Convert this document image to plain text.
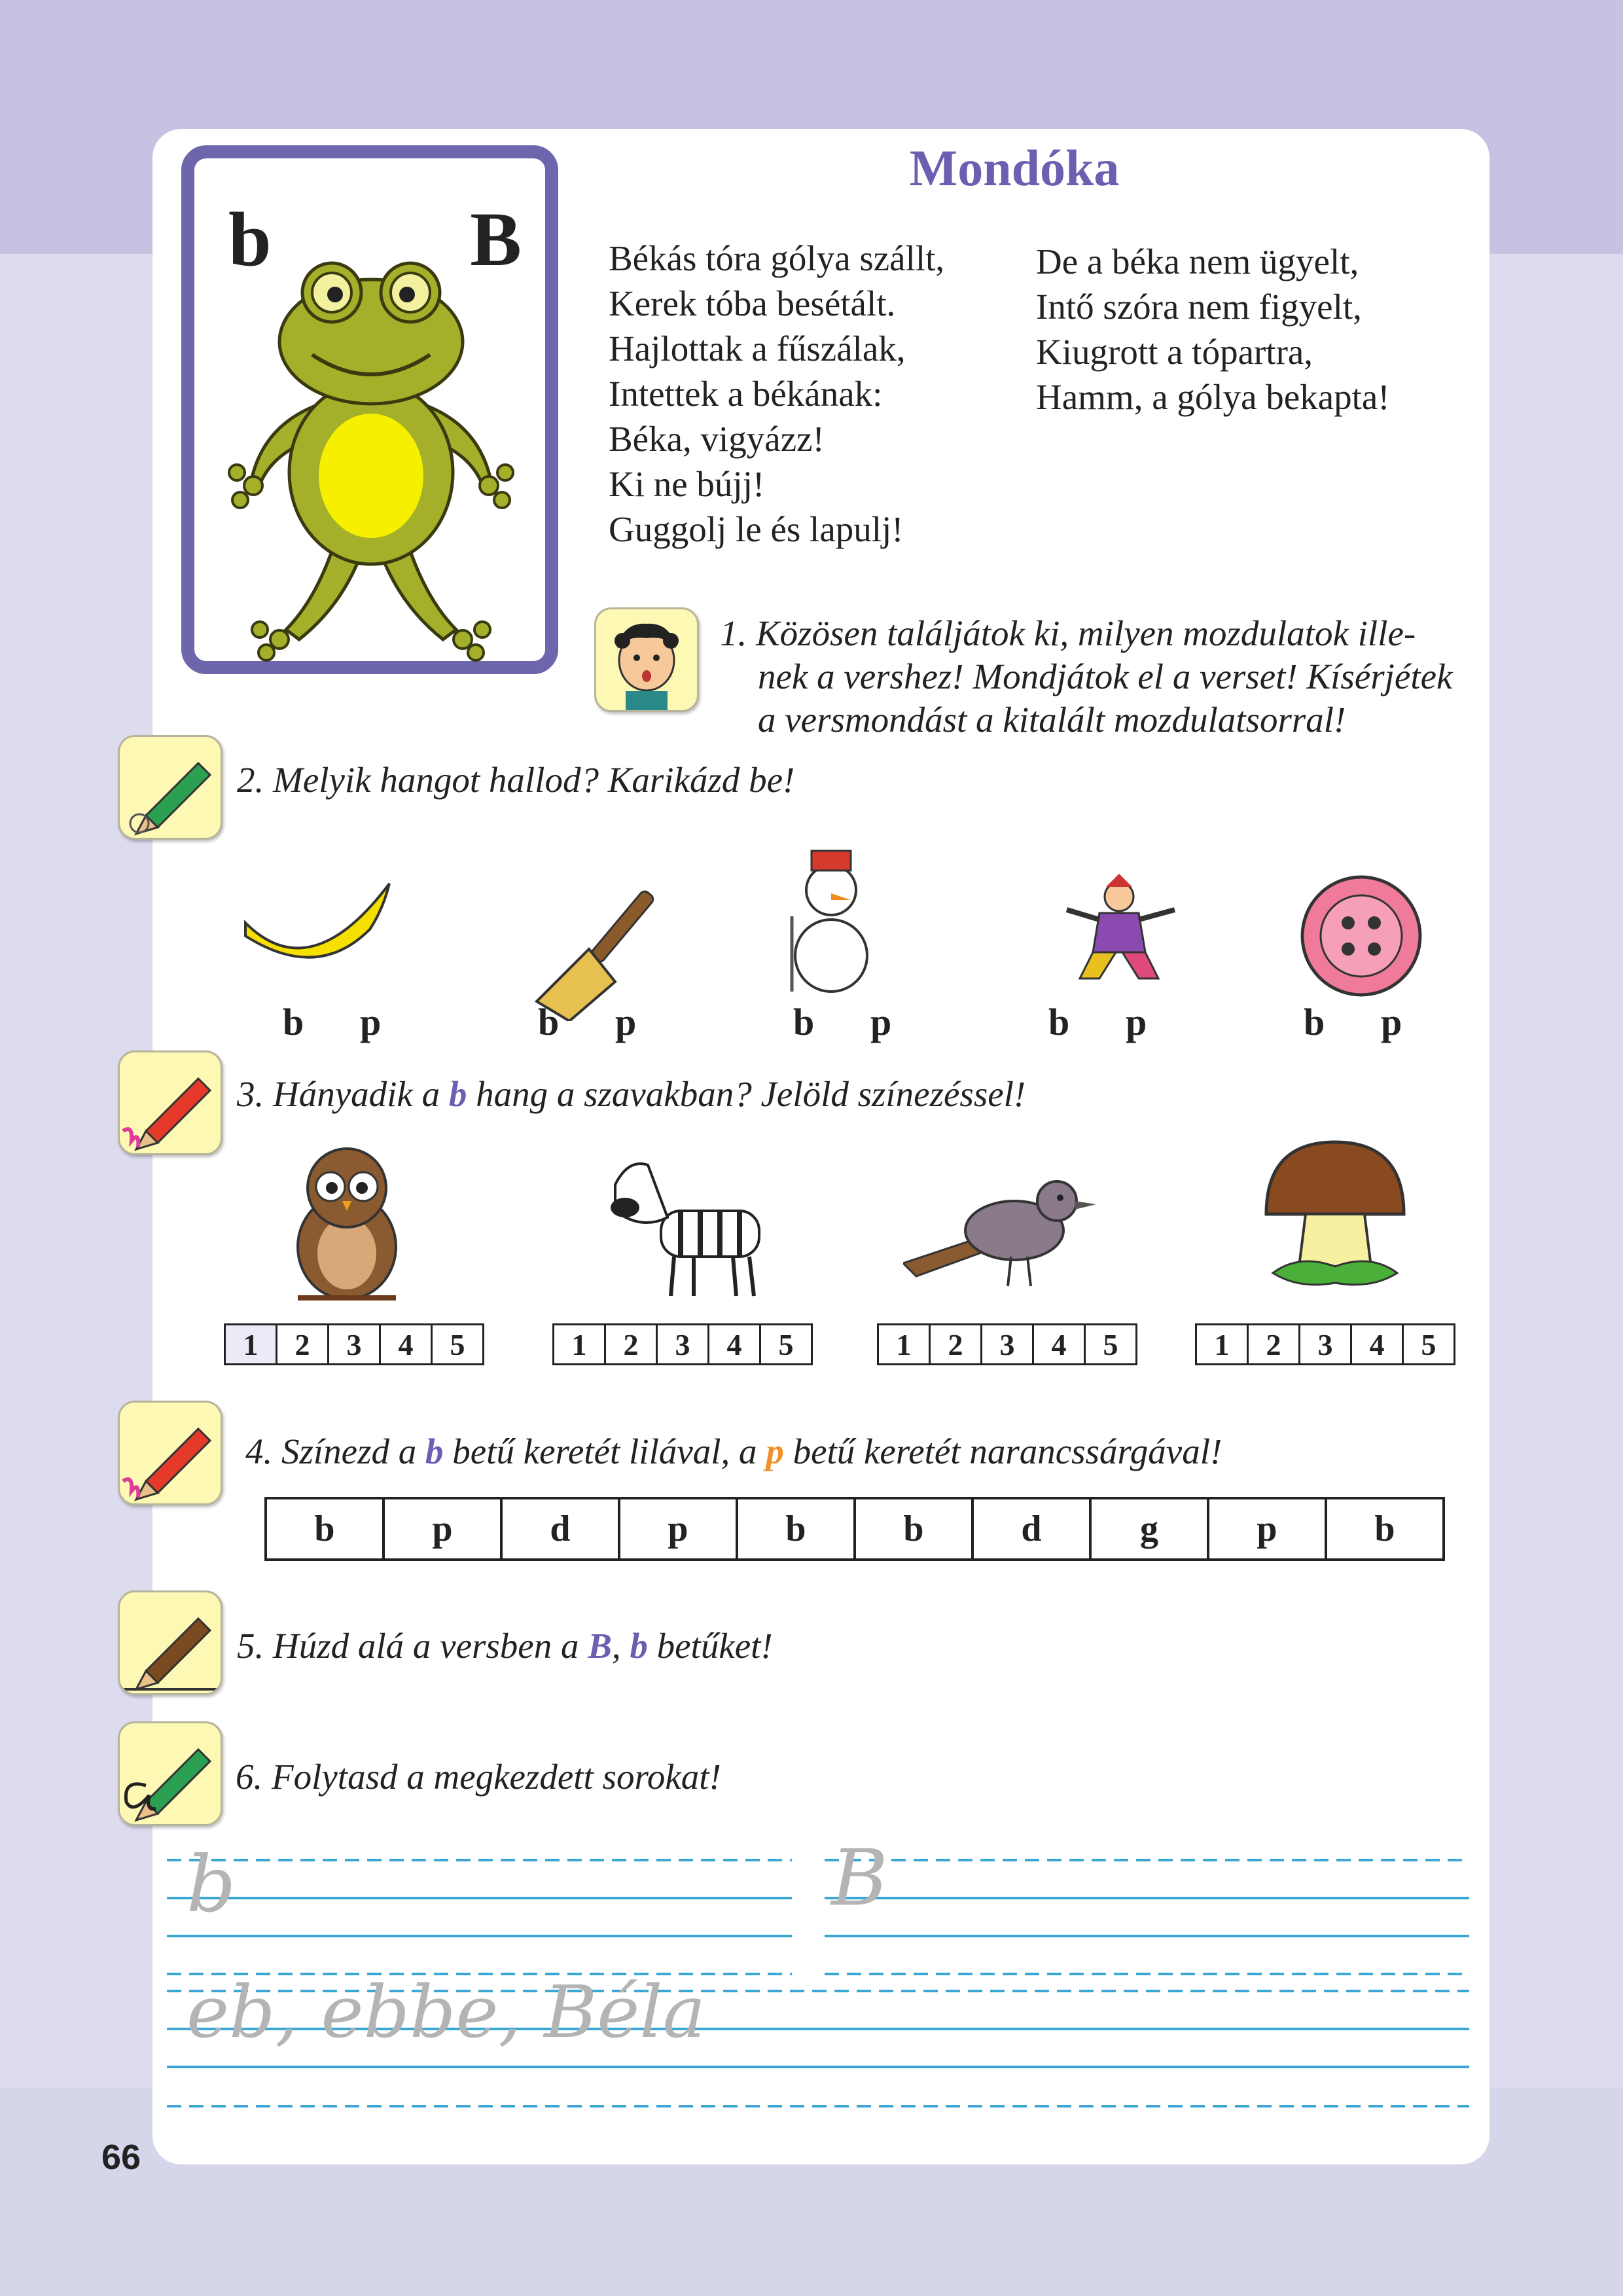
b	B
Mondóka
Békás tóra gólya szállt,
Kerek tóba besétált.
Hajlottak a fűszálak,
Intettek a békának:
Béka, vigyázz!
Ki ne bújj!
Guggolj le és lapulj!
De a béka nem ügyelt,
Intő szóra nem figyelt,
Kiugrott a tópartra,
Hamm, a gólya bekapta!
1. Közösen találjátok ki, milyen mozdulatok ille-
nek a vershez! Mondjátok el a verset! Kísérjétek
a versmondást a kitalált mozdulatsorral!
2. Melyik hangot hallod? Karikázd be!
b p	b p	b p	b p	b p
3. Hányadik a b hang a szavakban? Jelöld színezéssel!
1	2	3	4	5	1	2	3	4	5	1	2	3	4	5	1	2	3	4	5
4. Színezd a b betű keretét lilával, a p betű keretét narancssárgával!
b	p	d	p	b	b	d	g	p	b
5. Húzd alá a versben a B, b betűket!
6. Folytasd a megkezdett sorokat!
b	B
eb, ebbe, Béla
66
